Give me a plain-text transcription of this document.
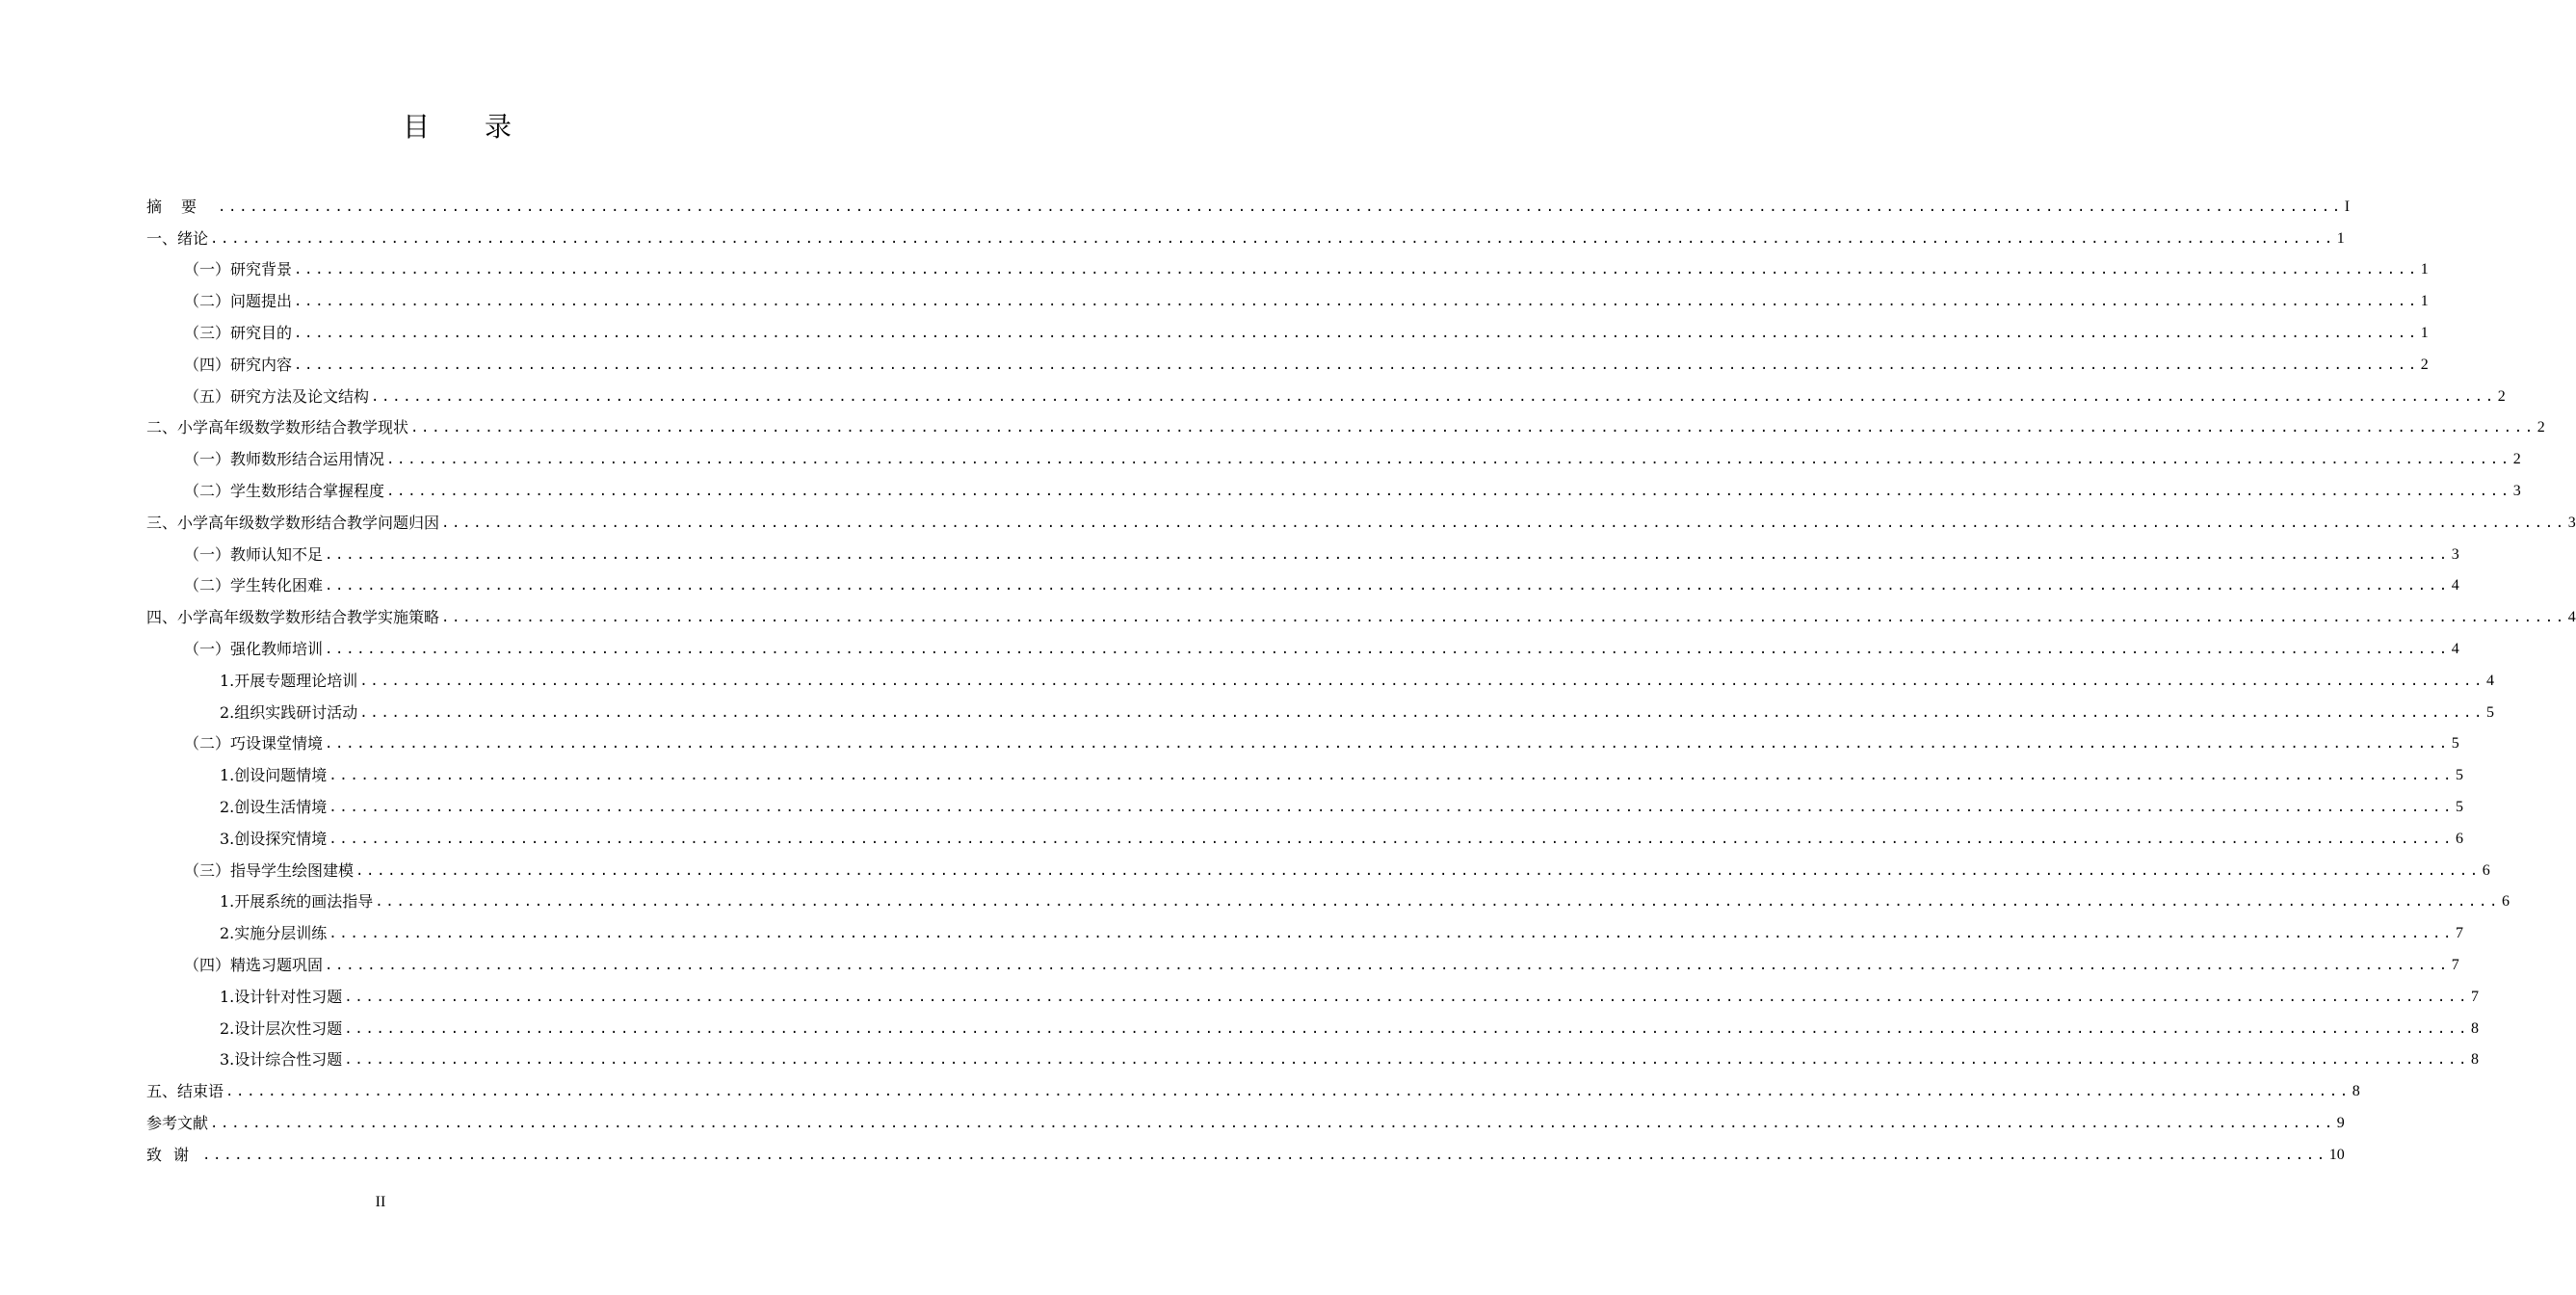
目 录
摘要 ........................................................................................................................................................................................................ I
一、绪论 ........................................................................................................................................................................................................ 1
（一）研究背景 ........................................................................................................................................................................................................ 1
（二）问题提出 ........................................................................................................................................................................................................ 1
（三）研究目的 ........................................................................................................................................................................................................ 1
（四）研究内容 ........................................................................................................................................................................................................ 2
（五）研究方法及论文结构 ........................................................................................................................................................................................................ 2
二、小学高年级数学数形结合教学现状 ........................................................................................................................................................................................................ 2
（一）教师数形结合运用情况 ........................................................................................................................................................................................................ 2
（二）学生数形结合掌握程度 ........................................................................................................................................................................................................ 3
三、小学高年级数学数形结合教学问题归因 ........................................................................................................................................................................................................ 3
（一）教师认知不足 ........................................................................................................................................................................................................ 3
（二）学生转化困难 ........................................................................................................................................................................................................ 4
四、小学高年级数学数形结合教学实施策略 ........................................................................................................................................................................................................ 4
（一）强化教师培训 ........................................................................................................................................................................................................ 4
1.开展专题理论培训 ........................................................................................................................................................................................................ 4
2.组织实践研讨活动 ........................................................................................................................................................................................................ 5
（二）巧设课堂情境 ........................................................................................................................................................................................................ 5
1.创设问题情境 ........................................................................................................................................................................................................ 5
2.创设生活情境 ........................................................................................................................................................................................................ 5
3.创设探究情境 ........................................................................................................................................................................................................ 6
（三）指导学生绘图建模 ........................................................................................................................................................................................................ 6
1.开展系统的画法指导 ........................................................................................................................................................................................................ 6
2.实施分层训练 ........................................................................................................................................................................................................ 7
（四）精选习题巩固 ........................................................................................................................................................................................................ 7
1.设计针对性习题 ........................................................................................................................................................................................................ 7
2.设计层次性习题 ........................................................................................................................................................................................................ 8
3.设计综合性习题 ........................................................................................................................................................................................................ 8
五、结束语 ........................................................................................................................................................................................................ 8
参考文献 ........................................................................................................................................................................................................ 9
致谢 ........................................................................................................................................................................................................ 10
II
